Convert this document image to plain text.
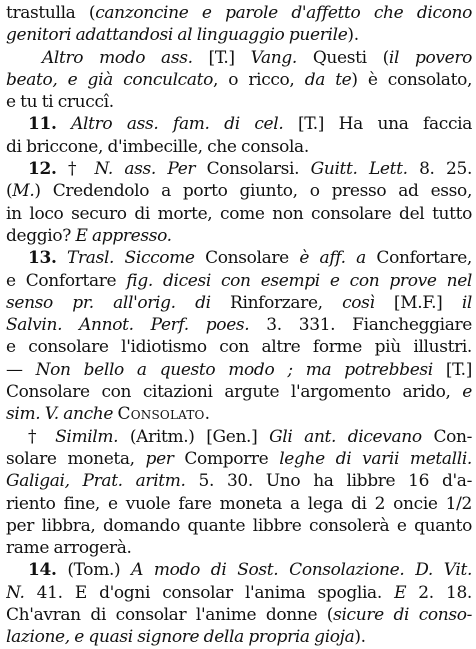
trastulla (canzoncine e parole d'affetto che dicono
genitori adattandosi al linguaggio puerile).
Altro modo ass. [T.] Vang. Questi (il povero
beato, e già conculcato, o ricco, da te) è consolato,
e tu ti cruccî.
11. Altro ass. fam. di cel. [T.] Ha una faccia
di briccone, d'imbecille, che consola.
12. † N. ass. Per Consolarsi. Guitt. Lett. 8. 25.
(M.) Credendolo a porto giunto, o presso ad esso,
in loco securo di morte, come non consolare del tutto
deggio? E appresso.
13. Trasl. Siccome Consolare è aff. a Confortare,
e Confortare fig. dicesi con esempi e con prove nel
senso pr. all'orig. di Rinforzare, così [M.F.] il
Salvin. Annot. Perf. poes. 3. 331. Fiancheggiare
e consolare l'idiotismo con altre forme più illustri.
— Non bello a questo modo ; ma potrebbesi [T.]
Consolare con citazioni argute l'argomento arido, e
sim. V. anche Consolato.
† Similm. (Aritm.) [Gen.] Gli ant. dicevano Con-
solare moneta, per Comporre leghe di varii metalli.
Galigai, Prat. aritm. 5. 30. Uno ha libbre 16 d'a-
riento fine, e vuole fare moneta a lega di 2 oncie 1/2
per libbra, domando quante libbre consolerà e quanto
rame arrogerà.
14. (Tom.) A modo di Sost. Consolazione. D. Vit.
N. 41. E d'ogni consolar l'anima spoglia. E 2. 18.
Ch'avran di consolar l'anime donne (sicure di conso-
lazione, e quasi signore della propria gioja).
